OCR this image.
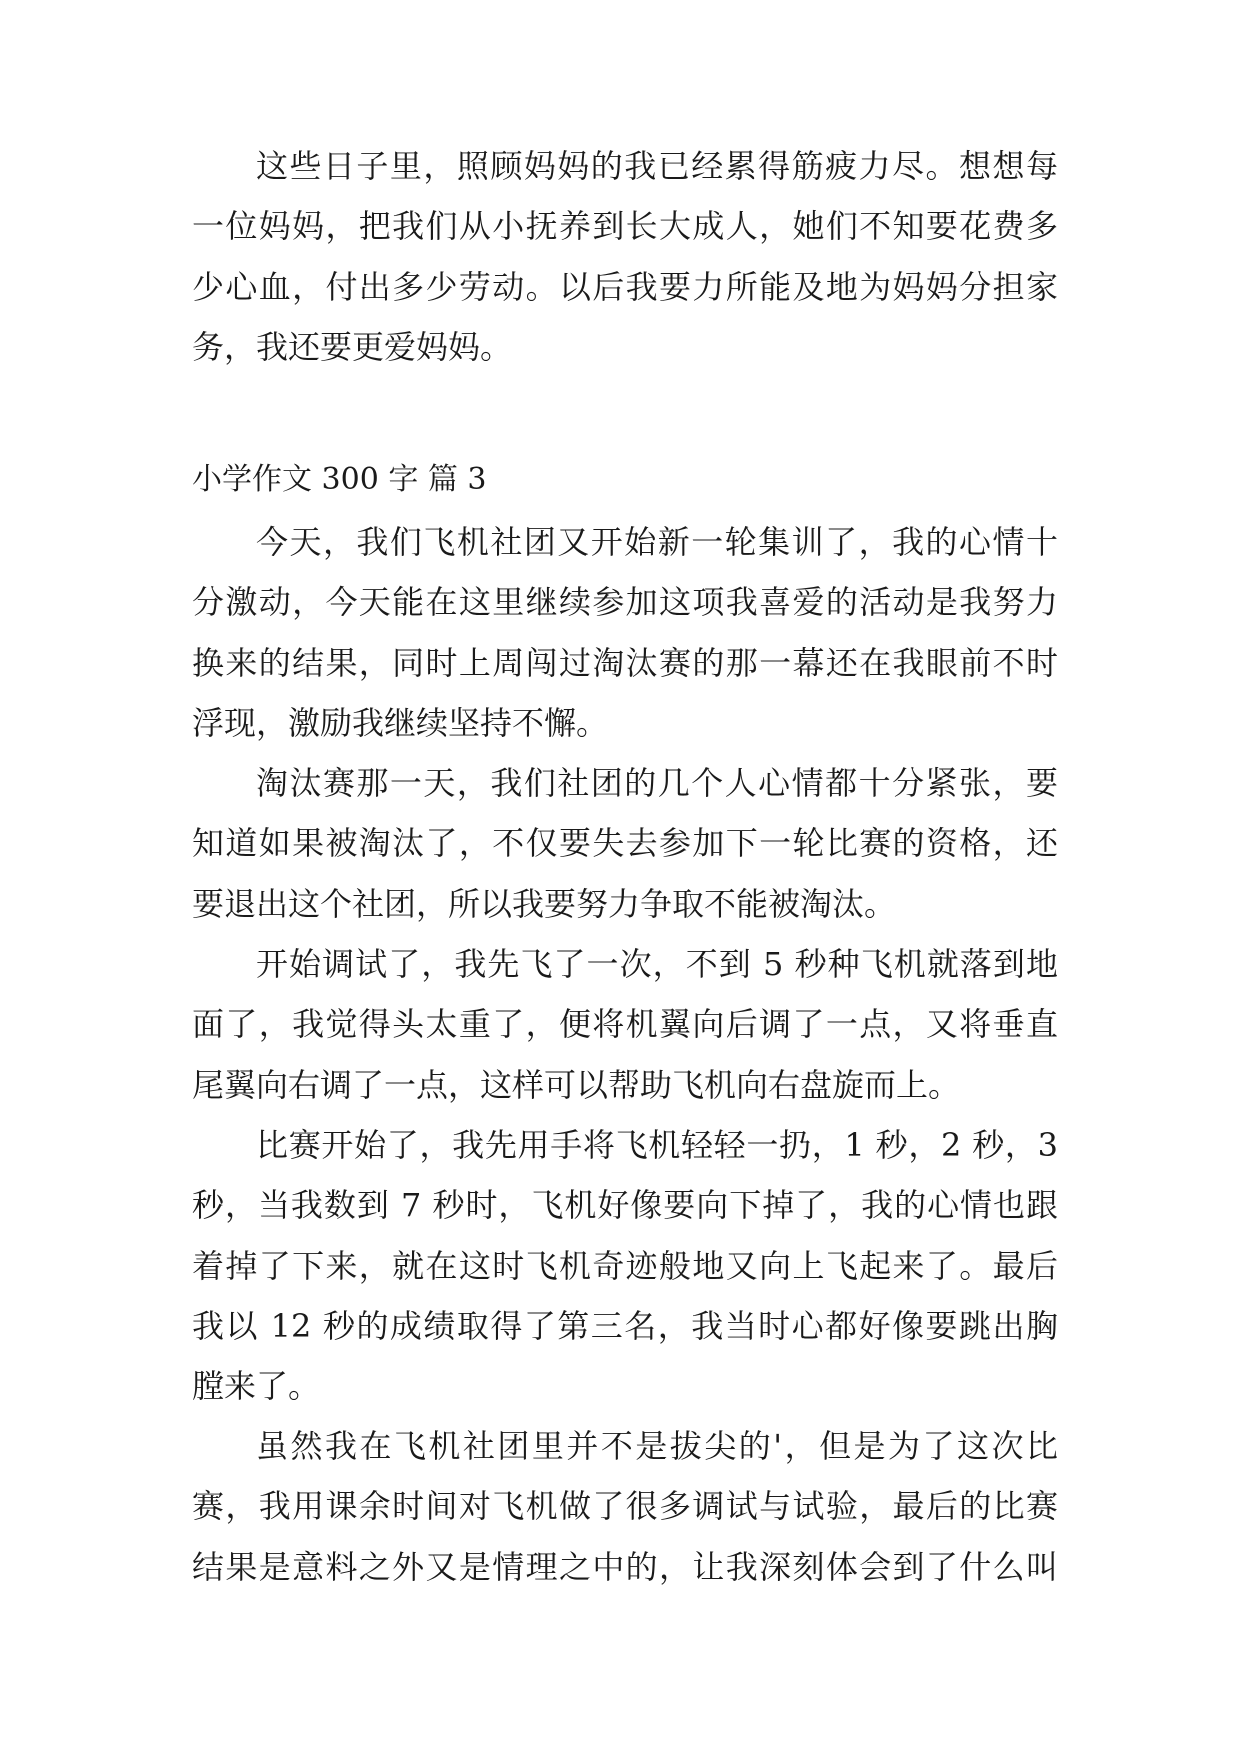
这些日子里，照顾妈妈的我已经累得筋疲力尽。想想每
一位妈妈，把我们从小抚养到长大成人，她们不知要花费多
少心血，付出多少劳动。以后我要力所能及地为妈妈分担家
务，我还要更爱妈妈。
小学作文 300 字 篇 3
今天，我们飞机社团又开始新一轮集训了，我的心情十
分激动，今天能在这里继续参加这项我喜爱的活动是我努力
换来的结果，同时上周闯过淘汰赛的那一幕还在我眼前不时
浮现，激励我继续坚持不懈。
淘汰赛那一天，我们社团的几个人心情都十分紧张，要
知道如果被淘汰了，不仅要失去参加下一轮比赛的资格，还
要退出这个社团，所以我要努力争取不能被淘汰。
开始调试了，我先飞了一次，不到 5 秒种飞机就落到地
面了，我觉得头太重了，便将机翼向后调了一点，又将垂直
尾翼向右调了一点，这样可以帮助飞机向右盘旋而上。
比赛开始了，我先用手将飞机轻轻一扔，1 秒，2 秒，3
秒，当我数到 7 秒时，飞机好像要向下掉了，我的心情也跟
着掉了下来，就在这时飞机奇迹般地又向上飞起来了。最后
我以 12 秒的成绩取得了第三名，我当时心都好像要跳出胸
膛来了。
虽然我在飞机社团里并不是拔尖的'，但是为了这次比
赛，我用课余时间对飞机做了很多调试与试验，最后的比赛
结果是意料之外又是情理之中的，让我深刻体会到了什么叫
